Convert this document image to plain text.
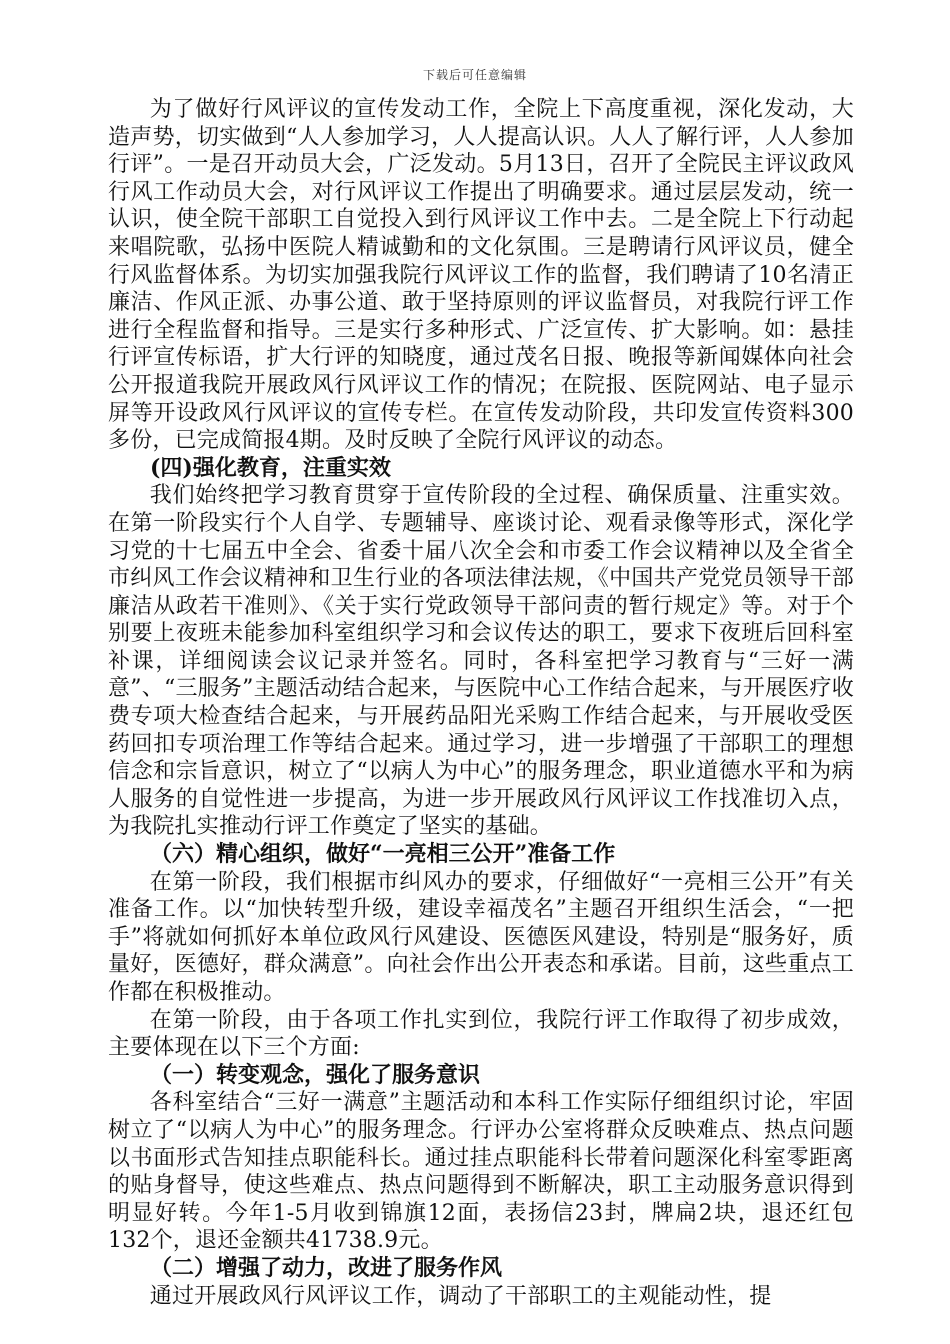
下载后可任意编辑

为了做好行风评议的宣传发动工作，全院上下高度重视，深化发动，大造声势，切实做到“人人参加学习，人人提高认识。人人了解行评，人人参加行评”。一是召开动员大会，广泛发动。5月13日，召开了全院民主评议政风行风工作动员大会，对行风评议工作提出了明确要求。通过层层发动，统一认识，使全院干部职工自觉投入到行风评议工作中去。二是全院上下行动起来唱院歌，弘扬中医院人精诚勤和的文化氛围。三是聘请行风评议员，健全行风监督体系。为切实加强我院行风评议工作的监督，我们聘请了10名清正廉洁、作风正派、办事公道、敢于坚持原则的评议监督员，对我院行评工作进行全程监督和指导。三是实行多种形式、广泛宣传、扩大影响。如：悬挂行评宣传标语，扩大行评的知晓度，通过茂名日报、晚报等新闻媒体向社会公开报道我院开展政风行风评议工作的情况；在院报、医院网站、电子显示屏等开设政风行风评议的宣传专栏。在宣传发动阶段，共印发宣传资料300多份，已完成简报4期。及时反映了全院行风评议的动态。

(四)强化教育，注重实效

我们始终把学习教育贯穿于宣传阶段的全过程、确保质量、注重实效。在第一阶段实行个人自学、专题辅导、座谈讨论、观看录像等形式，深化学习党的十七届五中全会、省委十届八次全会和市委工作会议精神以及全省全市纠风工作会议精神和卫生行业的各项法律法规，《中国共产党党员领导干部廉洁从政若干准则》、《关于实行党政领导干部问责的暂行规定》等。对于个别要上夜班未能参加科室组织学习和会议传达的职工，要求下夜班后回科室补课，详细阅读会议记录并签名。同时，各科室把学习教育与“三好一满意”、“三服务”主题活动结合起来，与医院中心工作结合起来，与开展医疗收费专项大检查结合起来，与开展药品阳光采购工作结合起来，与开展收受医药回扣专项治理工作等结合起来。通过学习，进一步增强了干部职工的理想信念和宗旨意识，树立了“以病人为中心”的服务理念，职业道德水平和为病人服务的自觉性进一步提高，为进一步开展政风行风评议工作找准切入点，为我院扎实推动行评工作奠定了坚实的基础。

（六）精心组织，做好“一亮相三公开”准备工作

在第一阶段，我们根据市纠风办的要求，仔细做好“一亮相三公开”有关准备工作。以“加快转型升级，建设幸福茂名”主题召开组织生活会，“一把手”将就如何抓好本单位政风行风建设、医德医风建设，特别是“服务好，质量好，医德好，群众满意”。向社会作出公开表态和承诺。目前，这些重点工作都在积极推动。

在第一阶段，由于各项工作扎实到位，我院行评工作取得了初步成效，主要体现在以下三个方面:

（一）转变观念，强化了服务意识

各科室结合“三好一满意”主题活动和本科工作实际仔细组织讨论，牢固树立了“以病人为中心”的服务理念。行评办公室将群众反映难点、热点问题以书面形式告知挂点职能科长。通过挂点职能科长带着问题深化科室零距离的贴身督导，使这些难点、热点问题得到不断解决，职工主动服务意识得到明显好转。今年1-5月收到锦旗12面，表扬信23封，牌扁2块，退还红包132个，退还金额共41738.9元。

（二）增强了动力，改进了服务作风

通过开展政风行风评议工作，调动了干部职工的主观能动性，提
